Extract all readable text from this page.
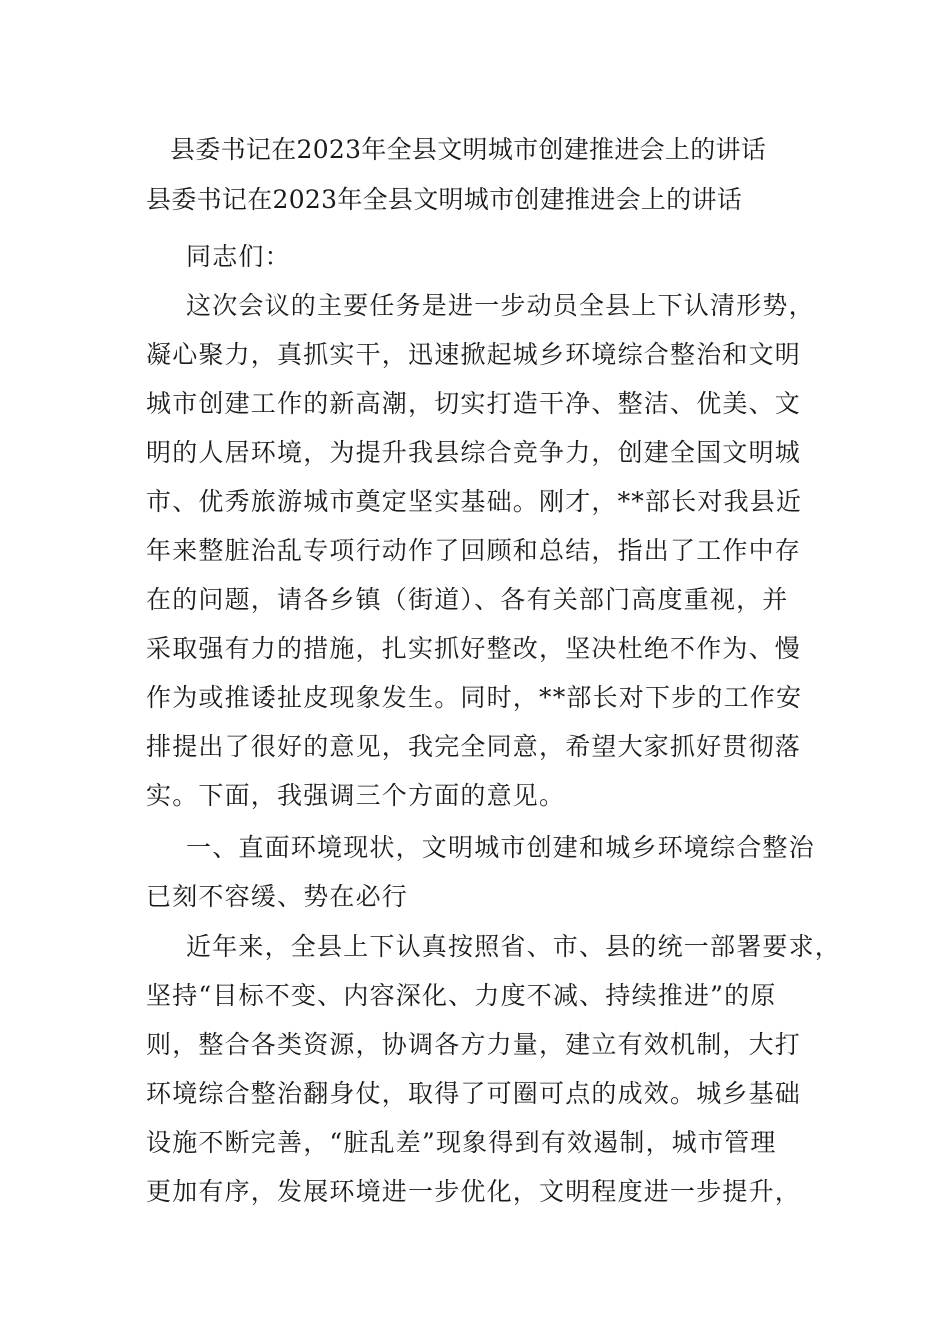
县委书记在2023年全县文明城市创建推进会上的讲话
县委书记在2023年全县文明城市创建推进会上的讲话
同志们：
这次会议的主要任务是进一步动员全县上下认清形势，
凝心聚力，真抓实干，迅速掀起城乡环境综合整治和文明
城市创建工作的新高潮，切实打造干净、整洁、优美、文
明的人居环境，为提升我县综合竞争力，创建全国文明城
市、优秀旅游城市奠定坚实基础。刚才，**部长对我县近
年来整脏治乱专项行动作了回顾和总结，指出了工作中存
在的问题，请各乡镇（街道）、各有关部门高度重视，并
采取强有力的措施，扎实抓好整改，坚决杜绝不作为、慢
作为或推诿扯皮现象发生。同时，**部长对下步的工作安
排提出了很好的意见，我完全同意，希望大家抓好贯彻落
实。下面，我强调三个方面的意见。
一、直面环境现状，文明城市创建和城乡环境综合整治
已刻不容缓、势在必行
近年来，全县上下认真按照省、市、县的统一部署要求，
坚持“目标不变、内容深化、力度不减、持续推进”的原
则，整合各类资源，协调各方力量，建立有效机制，大打
环境综合整治翻身仗，取得了可圈可点的成效。城乡基础
设施不断完善，“脏乱差”现象得到有效遏制，城市管理
更加有序，发展环境进一步优化，文明程度进一步提升，
